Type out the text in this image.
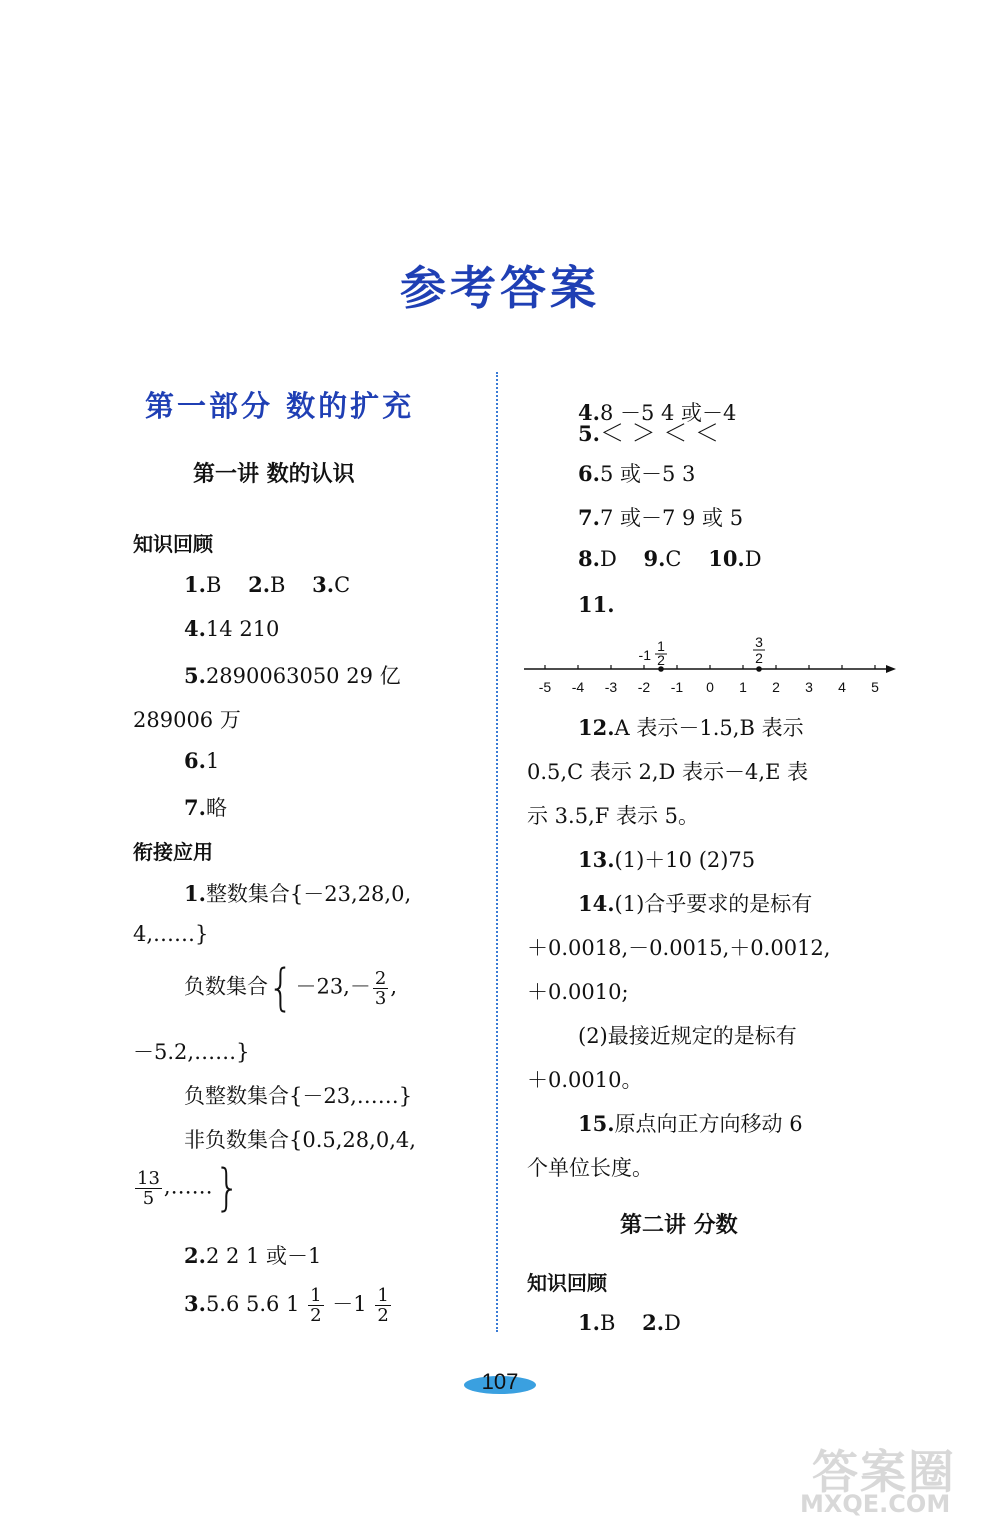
参考答案
第一部分 数的扩充
第一讲 数的认识
知识回顾
1.B 2.B 3.C
4.14 210
5.2890063050 29 亿
289006 万
6.1
7.略
衔接应用
1.整数集合{－23,28,0,
4,……}
负数集合{$-23,- \frac{2}{3}$ ,
－5.2,……}
负整数集合{－23,……}
非负数集合{0.5,28,0,4,
$\frac{13}{5}$ ,……}
2.2 2 1 或－1
3.5.6 5.6 $1 \frac{1}{2} -1 \frac{1}{2}$
4.8 －5 4 或－4
5.＜ ＞ ＜ ＜
6.5 或－5 3
7.7 或－7 9 或 5
8.D 9.C 10.D
11.
-5 -4 -3 -2 -1 0 1 2 3 4 5
-1
1
2
3
2
12.A 表示－1.5,B 表示
0.5,C 表示 2,D 表示－4,E 表
示 3.5,F 表示 5。
13.(1)＋10 (2)75
14.(1)合乎要求的是标有
＋0.0018,－0.0015,＋0.0012,
＋0.0010;
(2)最接近规定的是标有
＋0.0010。
15.原点向正方向移动 6
个单位长度。
第二讲 分数
知识回顾
1.B 2.D
107
答案圈
MXQE.COM
